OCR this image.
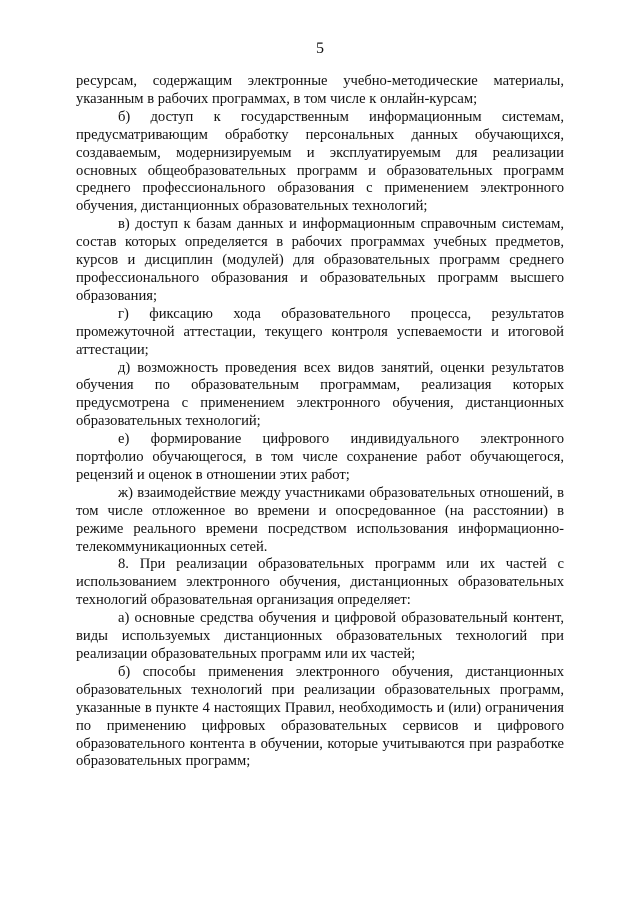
5

ресурсам, содержащим электронные учебно-методические материалы, указанным в рабочих программах, в том числе к онлайн-курсам;

б) доступ к государственным информационным системам, предусматривающим обработку персональных данных обучающихся, создаваемым, модернизируемым и эксплуатируемым для реализации основных общеобразовательных программ и образовательных программ среднего профессионального образования с применением электронного обучения, дистанционных образовательных технологий;

в) доступ к базам данных и информационным справочным системам, состав которых определяется в рабочих программах учебных предметов, курсов и дисциплин (модулей) для образовательных программ среднего профессионального образования и образовательных программ высшего образования;

г) фиксацию хода образовательного процесса, результатов промежуточной аттестации, текущего контроля успеваемости и итоговой аттестации;

д) возможность проведения всех видов занятий, оценки результатов обучения по образовательным программам, реализация которых предусмотрена с применением электронного обучения, дистанционных образовательных технологий;

е) формирование цифрового индивидуального электронного портфолио обучающегося, в том числе сохранение работ обучающегося, рецензий и оценок в отношении этих работ;

ж) взаимодействие между участниками образовательных отношений, в том числе отложенное во времени и опосредованное (на расстоянии) в режиме реального времени посредством использования информационно-телекоммуникационных сетей.

8. При реализации образовательных программ или их частей с использованием электронного обучения, дистанционных образовательных технологий образовательная организация определяет:

а) основные средства обучения и цифровой образовательный контент, виды используемых дистанционных образовательных технологий при реализации образовательных программ или их частей;

б) способы применения электронного обучения, дистанционных образовательных технологий при реализации образовательных программ, указанные в пункте 4 настоящих Правил, необходимость и (или) ограничения по применению цифровых образовательных сервисов и цифрового образовательного контента в обучении, которые учитываются при разработке образовательных программ;
